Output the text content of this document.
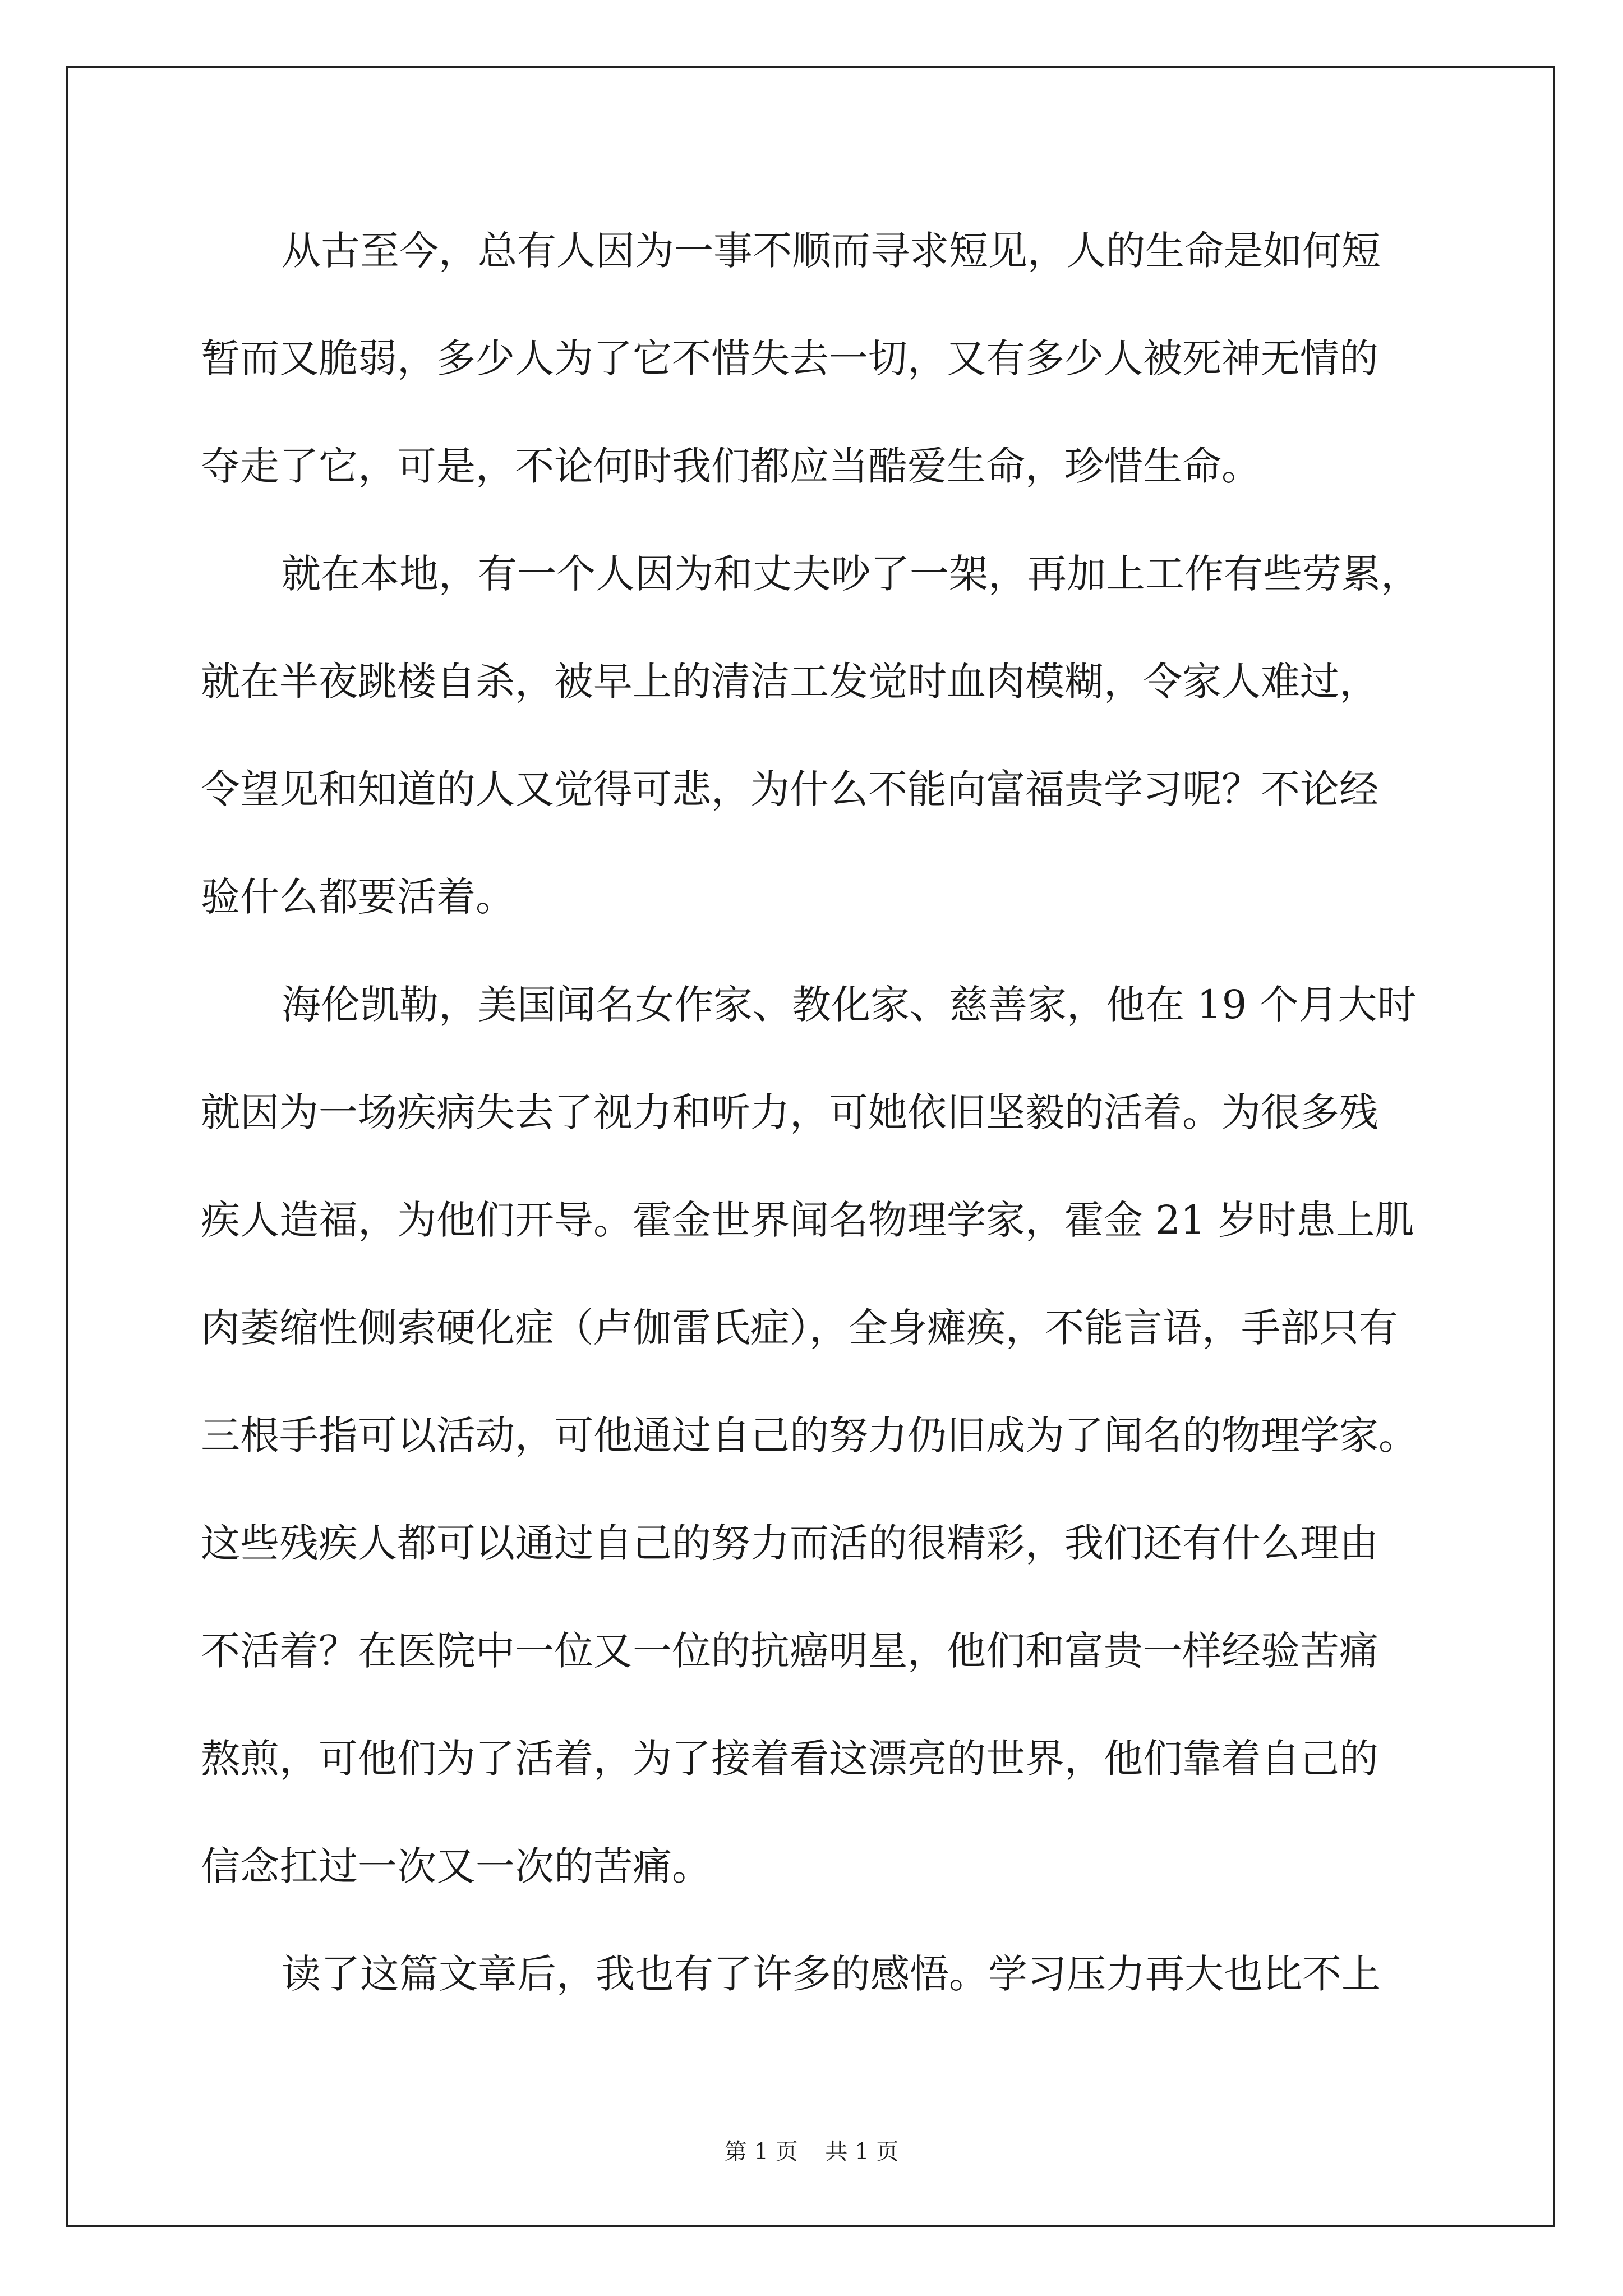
从古至今，总有人因为一事不顺而寻求短见，人的生命是如何短
暂而又脆弱，多少人为了它不惜失去一切，又有多少人被死神无情的
夺走了它，可是，不论何时我们都应当酷爱生命，珍惜生命。
就在本地，有一个人因为和丈夫吵了一架，再加上工作有些劳累，
就在半夜跳楼自杀，被早上的清洁工发觉时血肉模糊，令家人难过，
令望见和知道的人又觉得可悲，为什么不能向富福贵学习呢？不论经
验什么都要活着。
海伦凯勒，美国闻名女作家、教化家、慈善家，他在 19 个月大时
就因为一场疾病失去了视力和听力，可她依旧坚毅的活着。为很多残
疾人造福，为他们开导。霍金世界闻名物理学家，霍金 21 岁时患上肌
肉萎缩性侧索硬化症（卢伽雷氏症），全身瘫痪，不能言语，手部只有
三根手指可以活动，可他通过自己的努力仍旧成为了闻名的物理学家。
这些残疾人都可以通过自己的努力而活的很精彩，我们还有什么理由
不活着？在医院中一位又一位的抗癌明星，他们和富贵一样经验苦痛
熬煎，可他们为了活着，为了接着看这漂亮的世界，他们靠着自己的
信念扛过一次又一次的苦痛。
读了这篇文章后，我也有了许多的感悟。学习压力再大也比不上
第 1 页 共 1 页
